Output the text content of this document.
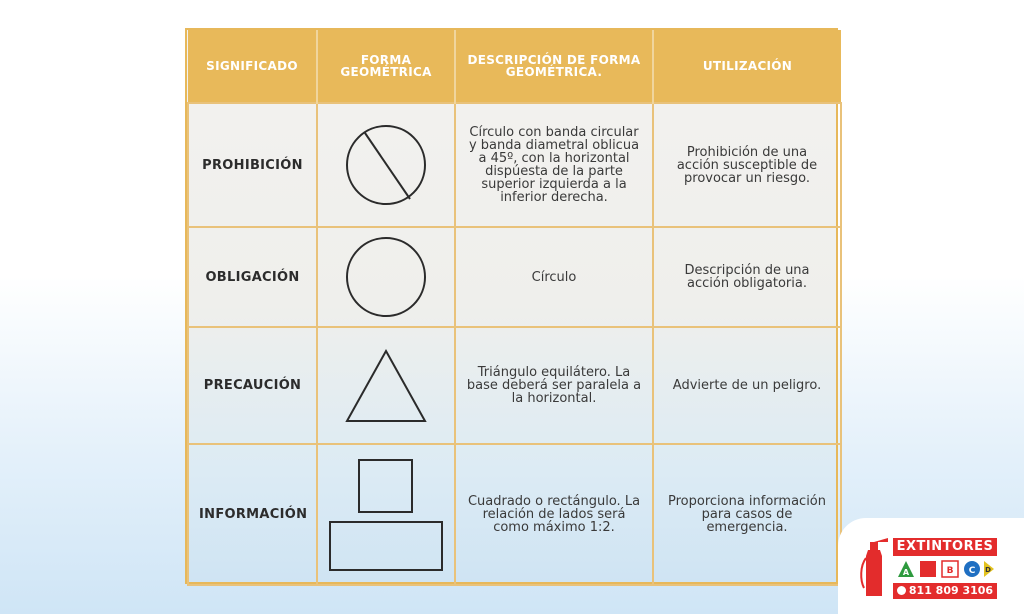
SIGNIFICADO	FORMA GEOMÉTRICA	DESCRIPCIÓN DE FORMA GEOMÉTRICA.	UTILIZACIÓN
PROHIBICIÓN		Círculo con banda circular y banda diametral oblicua a 45º, con la horizontal dispúesta de la parte superior izquierda a la inferior derecha.	Prohibición de una acción susceptible de provocar un riesgo.
OBLIGACIÓN		Círculo	Descripción de una acción obligatoria.
PRECAUCIÓN		Triángulo equilátero. La base deberá ser paralela a la horizontal.	Advierte de un peligro.
INFORMACIÓN		Cuadrado o rectángulo. La relación de lados será como máximo 1:2.	Proporciona información para casos de emergencia.
EXTINTORES
A	B C D
811 809 3106
